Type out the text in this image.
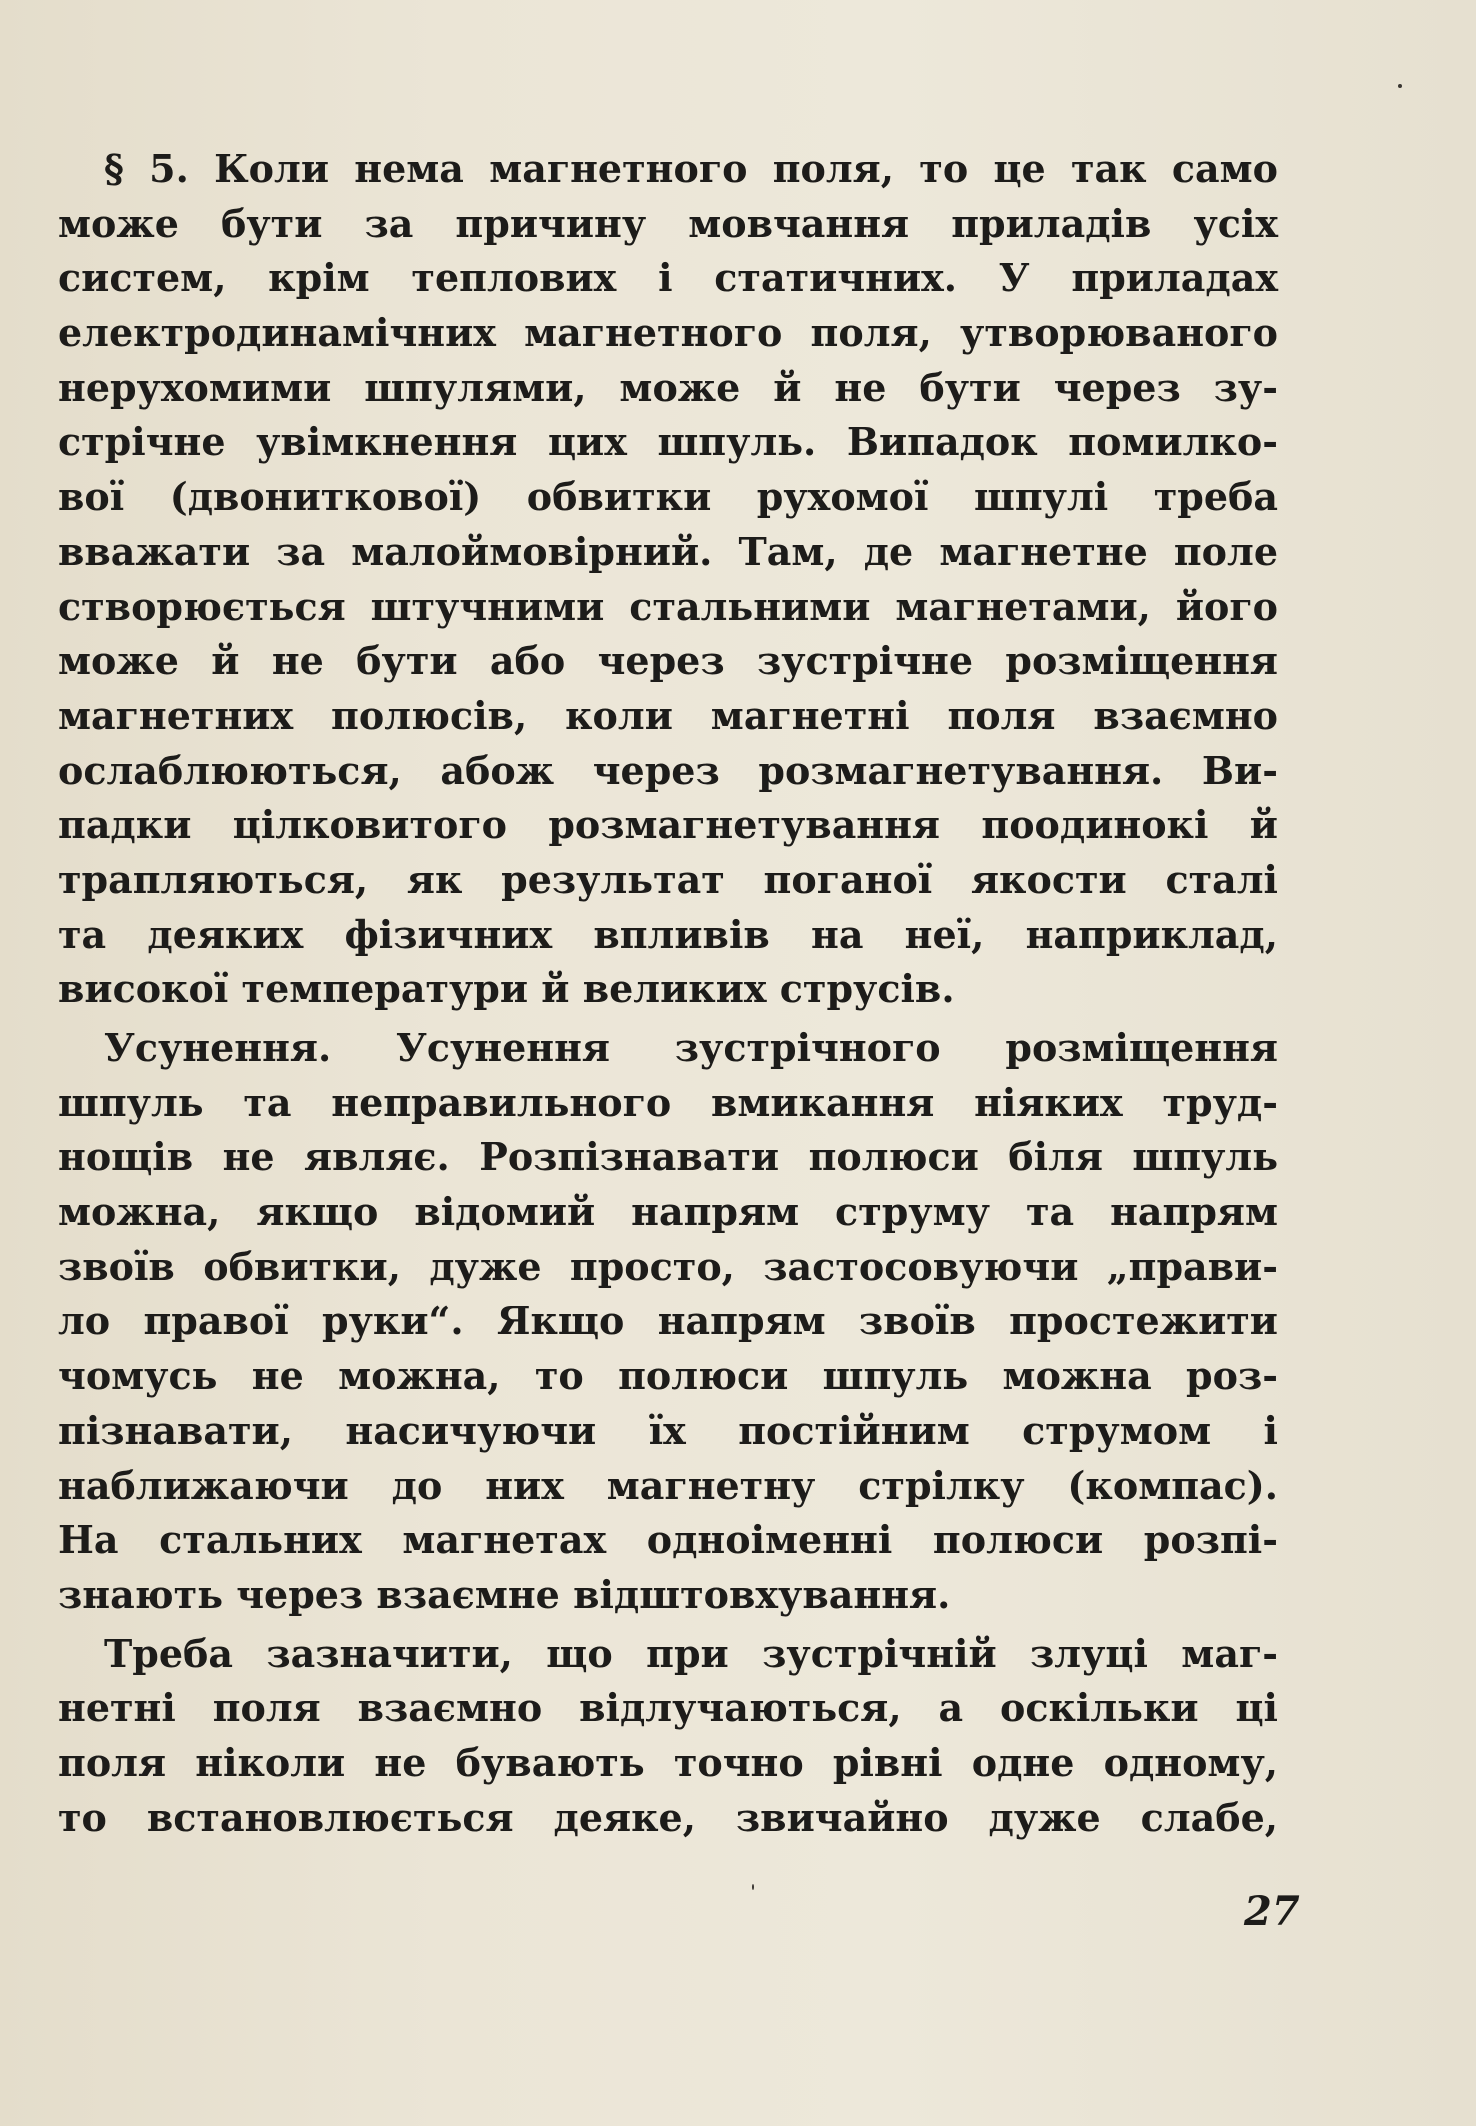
§ 5. Коли нема магнетного поля, то це так само
може бути за причину мовчання приладів усіх
систем, крім теплових і статичних. У приладах
електродинамічних магнетного поля, утворюваного
нерухомими шпулями, може й не бути через зу-
стрічне увімкнення цих шпуль. Випадок помилко-
вої (двониткової) обвитки рухомої шпулі треба
вважати за малоймовірний. Там, де магнетне поле
створюється штучними стальними магнетами, його
може й не бути або через зустрічне розміщення
магнетних полюсів, коли магнетні поля взаємно
ослаблюються, абож через розмагнетування. Ви-
падки цілковитого розмагнетування поодинокі й
трапляються, як результат поганої якости сталі
та деяких фізичних впливів на неї, наприклад,
високої температури й великих струсів.
Усунення. Усунення зустрічного розміщення
шпуль та неправильного вмикання ніяких труд-
нощів не являє. Розпізнавати полюси біля шпуль
можна, якщо відомий напрям струму та напрям
звоїв обвитки, дуже просто, застосовуючи „прави-
ло правої руки“. Якщо напрям звоїв простежити
чомусь не можна, то полюси шпуль можна роз-
пізнавати, насичуючи їх постійним струмом і
наближаючи до них магнетну стрілку (компас).
На стальних магнетах одноіменні полюси розпі-
знають через взаємне відштовхування.
Треба зазначити, що при зустрічній злуці маг-
нетні поля взаємно відлучаються, а оскільки ці
поля ніколи не бувають точно рівні одне одному,
то встановлюється деяке, звичайно дуже слабе,
27
